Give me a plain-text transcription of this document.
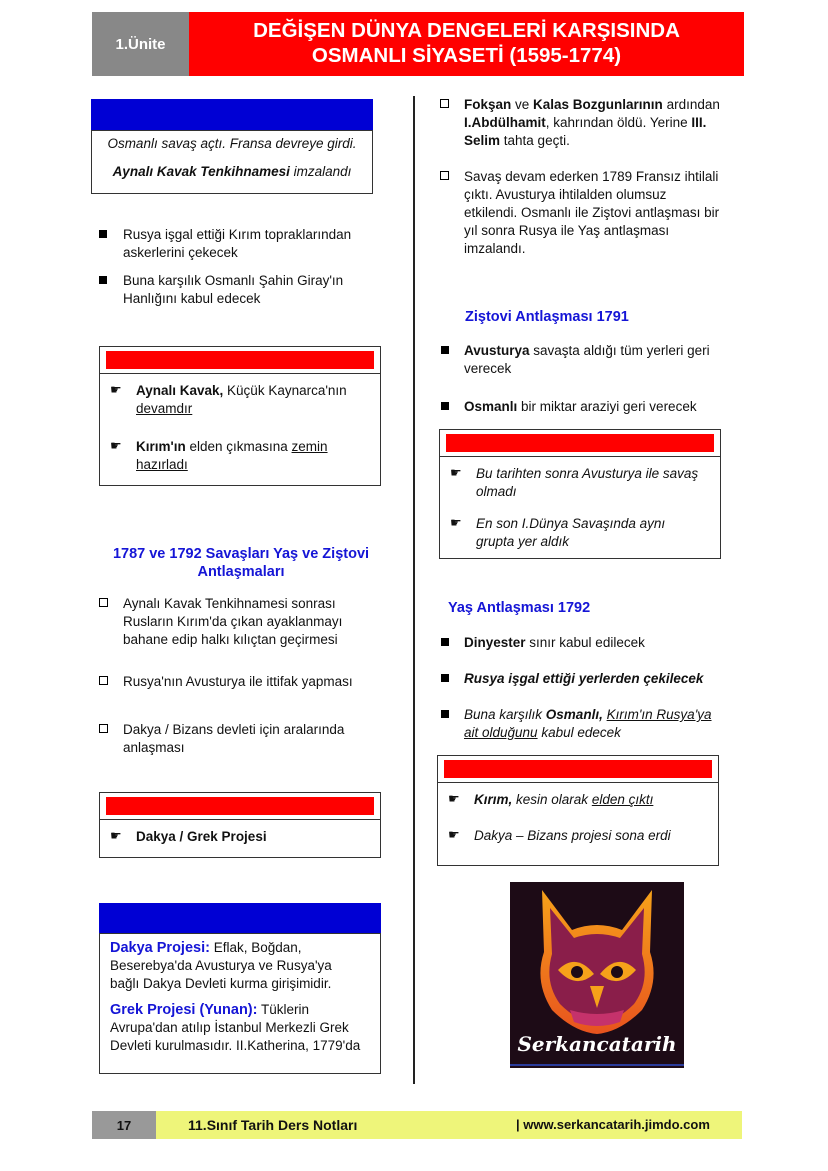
1.Ünite
DEĞİŞEN DÜNYA DENGELERİ KARŞISINDA
OSMANLI SİYASETİ (1595-1774)
Osmanlı savaş açtı. Fransa devreye girdi.
Aynalı Kavak Tenkihnamesi imzalandı
Rusya işgal ettiği Kırım topraklarından
askerlerini çekecek
Buna karşılık Osmanlı Şahin Giray'ın
Hanlığını kabul edecek
☛ Aynalı Kavak, Küçük Kaynarca'nın
devamdır
☛ Kırım'ın elden çıkmasına zemin
hazırladı
1787 ve 1792 Savaşları Yaş ve Ziştovi
Antlaşmaları
Aynalı Kavak Tenkihnamesi sonrası
Rusların Kırım'da çıkan ayaklanmayı
bahane edip halkı kılıçtan geçirmesi
Rusya'nın Avusturya ile ittifak yapması
Dakya / Bizans devleti için aralarında
anlaşması
☛ Dakya / Grek Projesi
Dakya Projesi: Eflak, Boğdan,
Beserebya'da Avusturya ve Rusya'ya
bağlı Dakya Devleti kurma girişimidir.
Grek Projesi (Yunan): Tüklerin
Avrupa'dan atılıp İstanbul Merkezli Grek
Devleti kurulmasıdır. II.Katherina, 1779'da
Fokşan ve Kalas Bozgunlarının ardından
I.Abdülhamit, kahrından öldü. Yerine III.
Selim tahta geçti.
Savaş devam ederken 1789 Fransız ihtilali
çıktı. Avusturya ihtilalden olumsuz
etkilendi. Osmanlı ile Ziştovi antlaşması bir
yıl sonra Rusya ile Yaş antlaşması
imzalandı.
Ziştovi Antlaşması 1791
Avusturya savaşta aldığı tüm yerleri geri
verecek
Osmanlı bir miktar araziyi geri verecek
☛ Bu tarihten sonra Avusturya ile savaş
olmadı
☛ En son I.Dünya Savaşında aynı
grupta yer aldık
Yaş Antlaşması 1792
Dinyester sınır kabul edilecek
Rusya işgal ettiği yerlerden çekilecek
Buna karşılık Osmanlı, Kırım'ın Rusya'ya
ait olduğunu kabul edecek
☛ Kırım, kesin olarak elden çıktı
☛ Dakya – Bizans projesi sona erdi
Serkancatarih
17	11.Sınıf Tarih Ders Notları	| www.serkancatarih.jimdo.com
